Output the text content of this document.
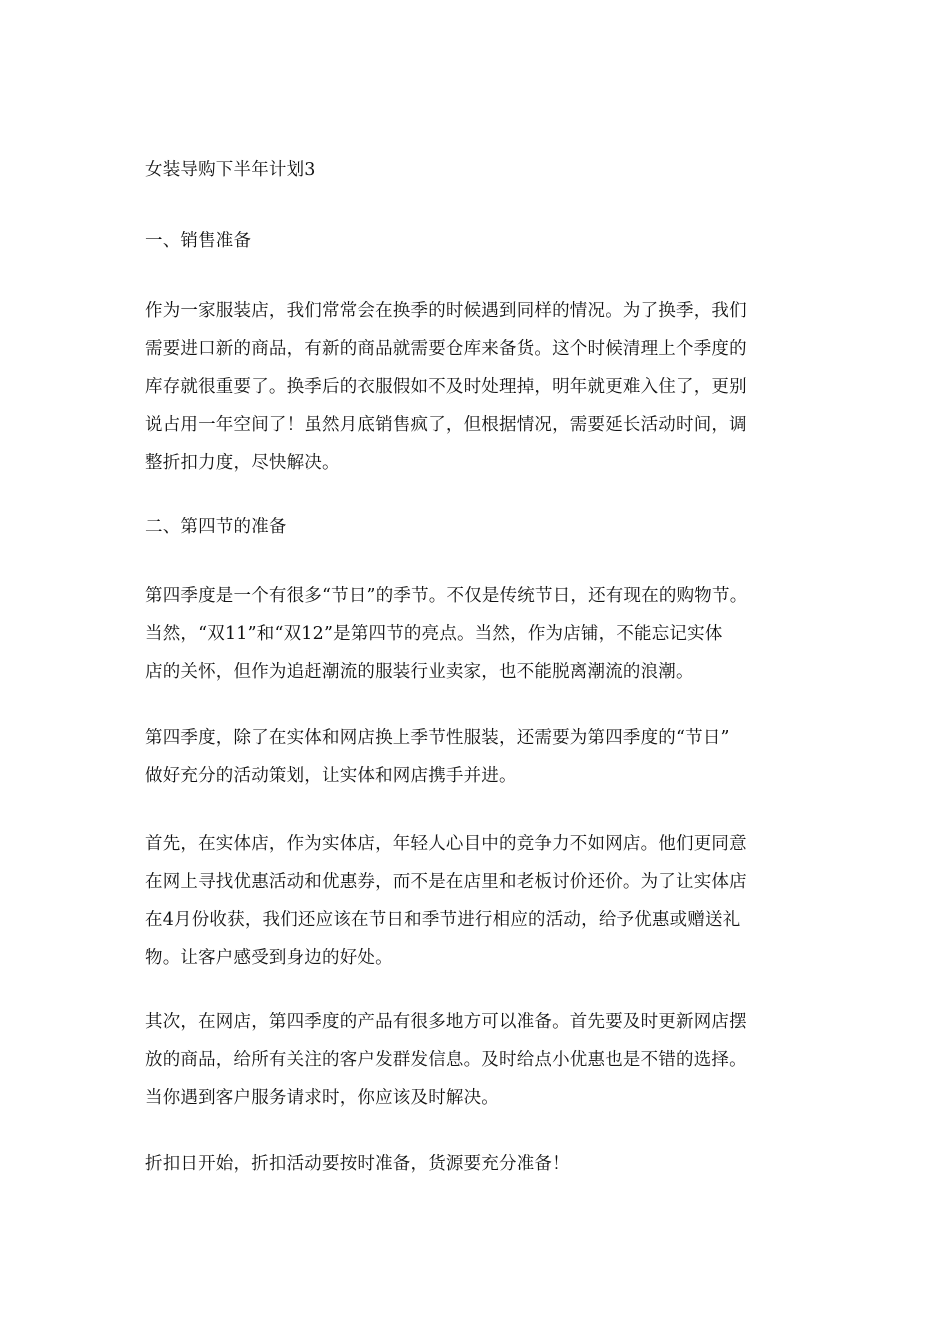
女装导购下半年计划3

一、销售准备

作为一家服装店，我们常常会在换季的时候遇到同样的情况。为了换季，我们
需要进口新的商品，有新的商品就需要仓库来备货。这个时候清理上个季度的
库存就很重要了。换季后的衣服假如不及时处理掉，明年就更难入住了，更别
说占用一年空间了！虽然月底销售疯了，但根据情况，需要延长活动时间，调
整折扣力度，尽快解决。

二、第四节的准备

第四季度是一个有很多“节日”的季节。不仅是传统节日，还有现在的购物节。
当然，“双11”和“双12”是第四节的亮点。当然，作为店铺，不能忘记实体
店的关怀，但作为追赶潮流的服装行业卖家，也不能脱离潮流的浪潮。
第四季度，除了在实体和网店换上季节性服装，还需要为第四季度的“节日”
做好充分的活动策划，让实体和网店携手并进。
首先，在实体店，作为实体店，年轻人心目中的竞争力不如网店。他们更同意
在网上寻找优惠活动和优惠券，而不是在店里和老板讨价还价。为了让实体店
在4月份收获，我们还应该在节日和季节进行相应的活动，给予优惠或赠送礼
物。让客户感受到身边的好处。
其次，在网店，第四季度的产品有很多地方可以准备。首先要及时更新网店摆
放的商品，给所有关注的客户发群发信息。及时给点小优惠也是不错的选择。
当你遇到客户服务请求时，你应该及时解决。
折扣日开始，折扣活动要按时准备，货源要充分准备！
